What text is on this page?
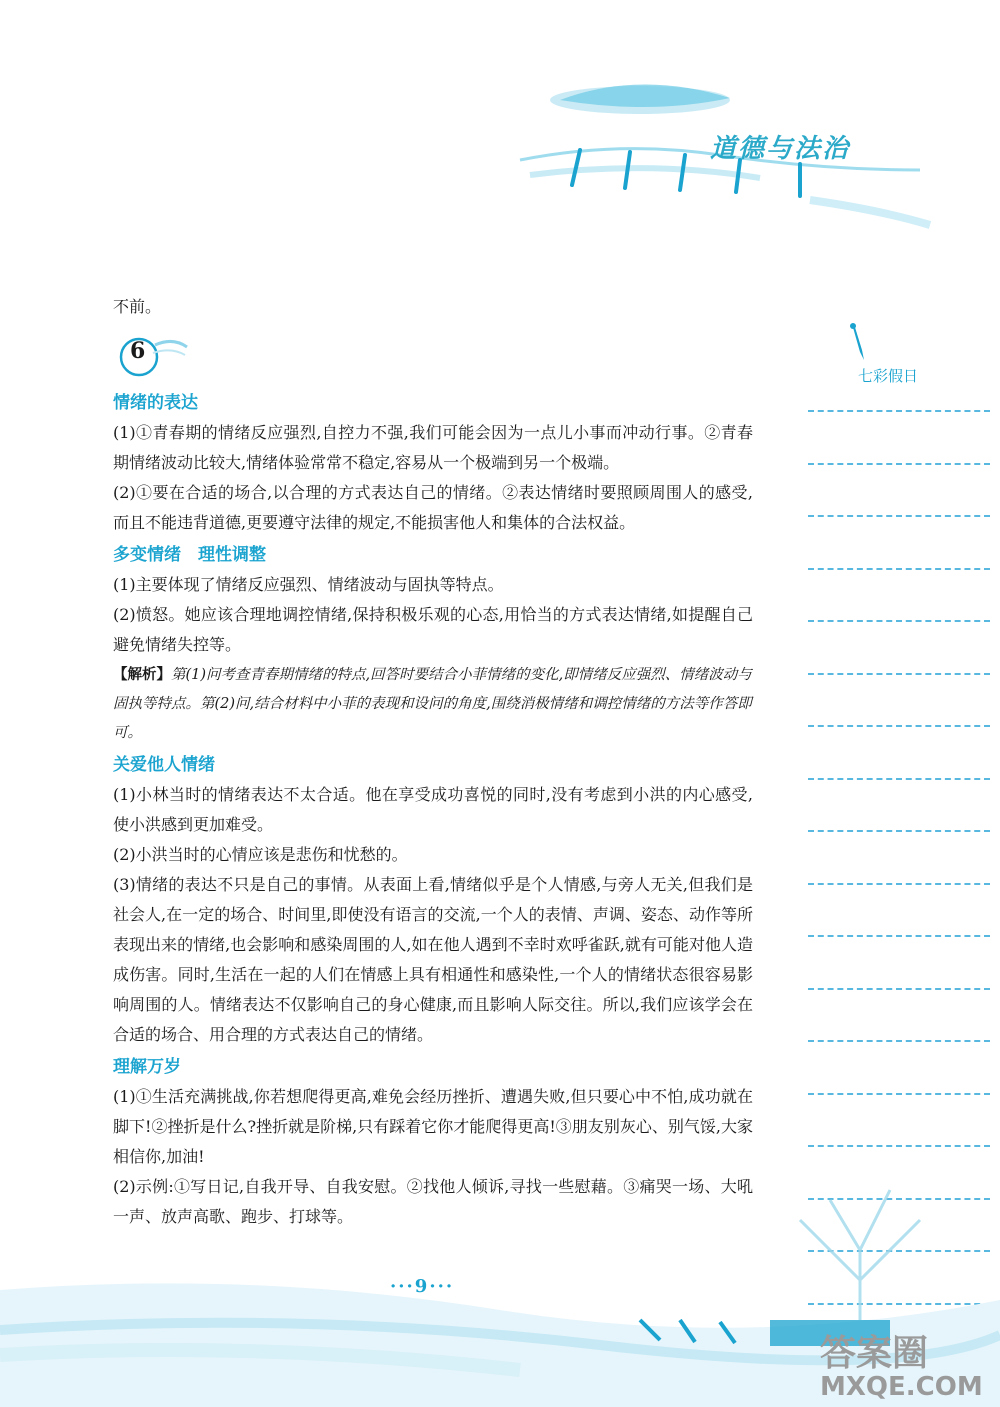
道德与法治
6

不前。

情绪的表达

(1)①青春期的情绪反应强烈,自控力不强,我们可能会因为一点儿小事而冲动行事。②青春期情绪波动比较大,情绪体验常常不稳定,容易从一个极端到另一个极端。

(2)①要在合适的场合,以合理的方式表达自己的情绪。②表达情绪时要照顾周围人的感受,而且不能违背道德,更要遵守法律的规定,不能损害他人和集体的合法权益。

多变情绪　理性调整

(1)主要体现了情绪反应强烈、情绪波动与固执等特点。

(2)愤怒。她应该合理地调控情绪,保持积极乐观的心态,用恰当的方式表达情绪,如提醒自己避免情绪失控等。

【解析】第(1)问考查青春期情绪的特点,回答时要结合小菲情绪的变化,即情绪反应强烈、情绪波动与固执等特点。第(2)问,结合材料中小菲的表现和设问的角度,围绕消极情绪和调控情绪的方法等作答即可。

关爱他人情绪

(1)小林当时的情绪表达不太合适。他在享受成功喜悦的同时,没有考虑到小洪的内心感受,使小洪感到更加难受。

(2)小洪当时的心情应该是悲伤和忧愁的。

(3)情绪的表达不只是自己的事情。从表面上看,情绪似乎是个人情感,与旁人无关,但我们是社会人,在一定的场合、时间里,即使没有语言的交流,一个人的表情、声调、姿态、动作等所表现出来的情绪,也会影响和感染周围的人,如在他人遇到不幸时欢呼雀跃,就有可能对他人造成伤害。同时,生活在一起的人们在情感上具有相通性和感染性,一个人的情绪状态很容易影响周围的人。情绪表达不仅影响自己的身心健康,而且影响人际交往。所以,我们应该学会在合适的场合、用合理的方式表达自己的情绪。

理解万岁

(1)①生活充满挑战,你若想爬得更高,难免会经历挫折、遭遇失败,但只要心中不怕,成功就在脚下!②挫折是什么?挫折就是阶梯,只有踩着它你才能爬得更高!③朋友别灰心、别气馁,大家相信你,加油!

(2)示例:①写日记,自我开导、自我安慰。②找他人倾诉,寻找一些慰藉。③痛哭一场、大吼一声、放声高歌、跑步、打球等。

七彩假日
···9···
答案圈
MXQE.COM
